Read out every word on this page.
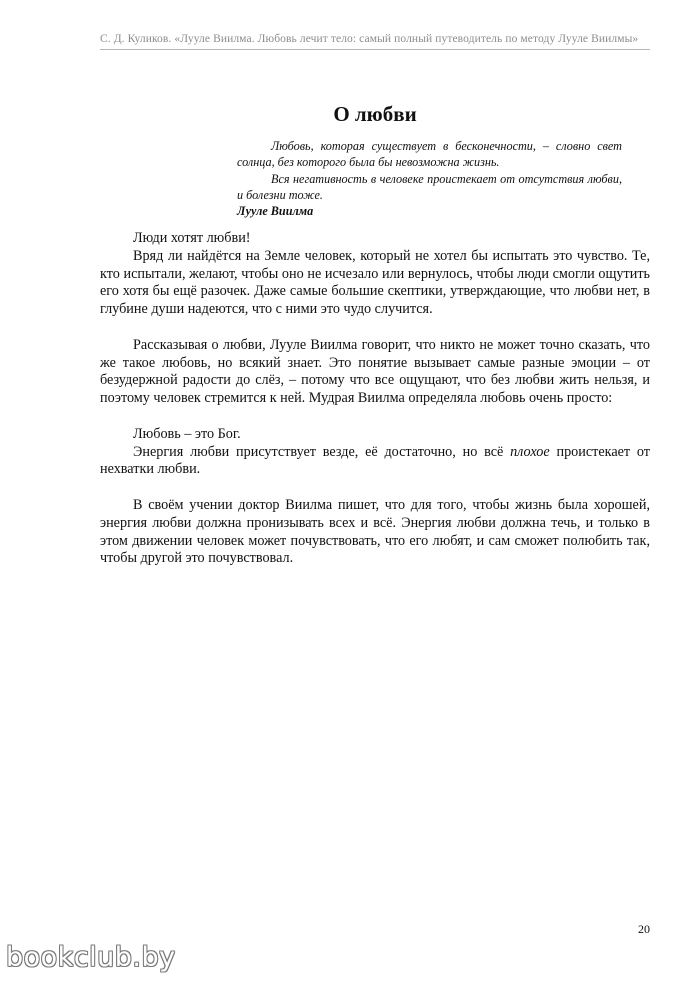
С. Д. Куликов. «Лууле Виилма. Любовь лечит тело: самый полный путеводитель по методу Лууле Виилмы»
О любви

Любовь, которая существует в бесконечности, – словно свет солнца, без которого была бы невозможна жизнь.

Вся негативность в человеке проистекает от отсутствия любви, и болезни тоже.

Лууле Виилма

Люди хотят любви!

Вряд ли найдётся на Земле человек, который не хотел бы испытать это чувство. Те, кто испытали, желают, чтобы оно не исчезало или вернулось, чтобы люди смогли ощутить его хотя бы ещё разочек. Даже самые большие скептики, утверждающие, что любви нет, в глубине души надеются, что с ними это чудо случится.

Рассказывая о любви, Лууле Виилма говорит, что никто не может точно сказать, что же такое любовь, но всякий знает. Это понятие вызывает самые разные эмоции – от безудержной радости до слёз, – потому что все ощущают, что без любви жить нельзя, и поэтому человек стремится к ней. Мудрая Виилма определяла любовь очень просто:

Любовь – это Бог.

Энергия любви присутствует везде, её достаточно, но всё плохое проистекает от нехватки любви.

В своём учении доктор Виилма пишет, что для того, чтобы жизнь была хорошей, энергия любви должна пронизывать всех и всё. Энергия любви должна течь, и только в этом движении человек может почувствовать, что его любят, и сам сможет полюбить так, чтобы другой это почувствовал.

20
bookclub.by
